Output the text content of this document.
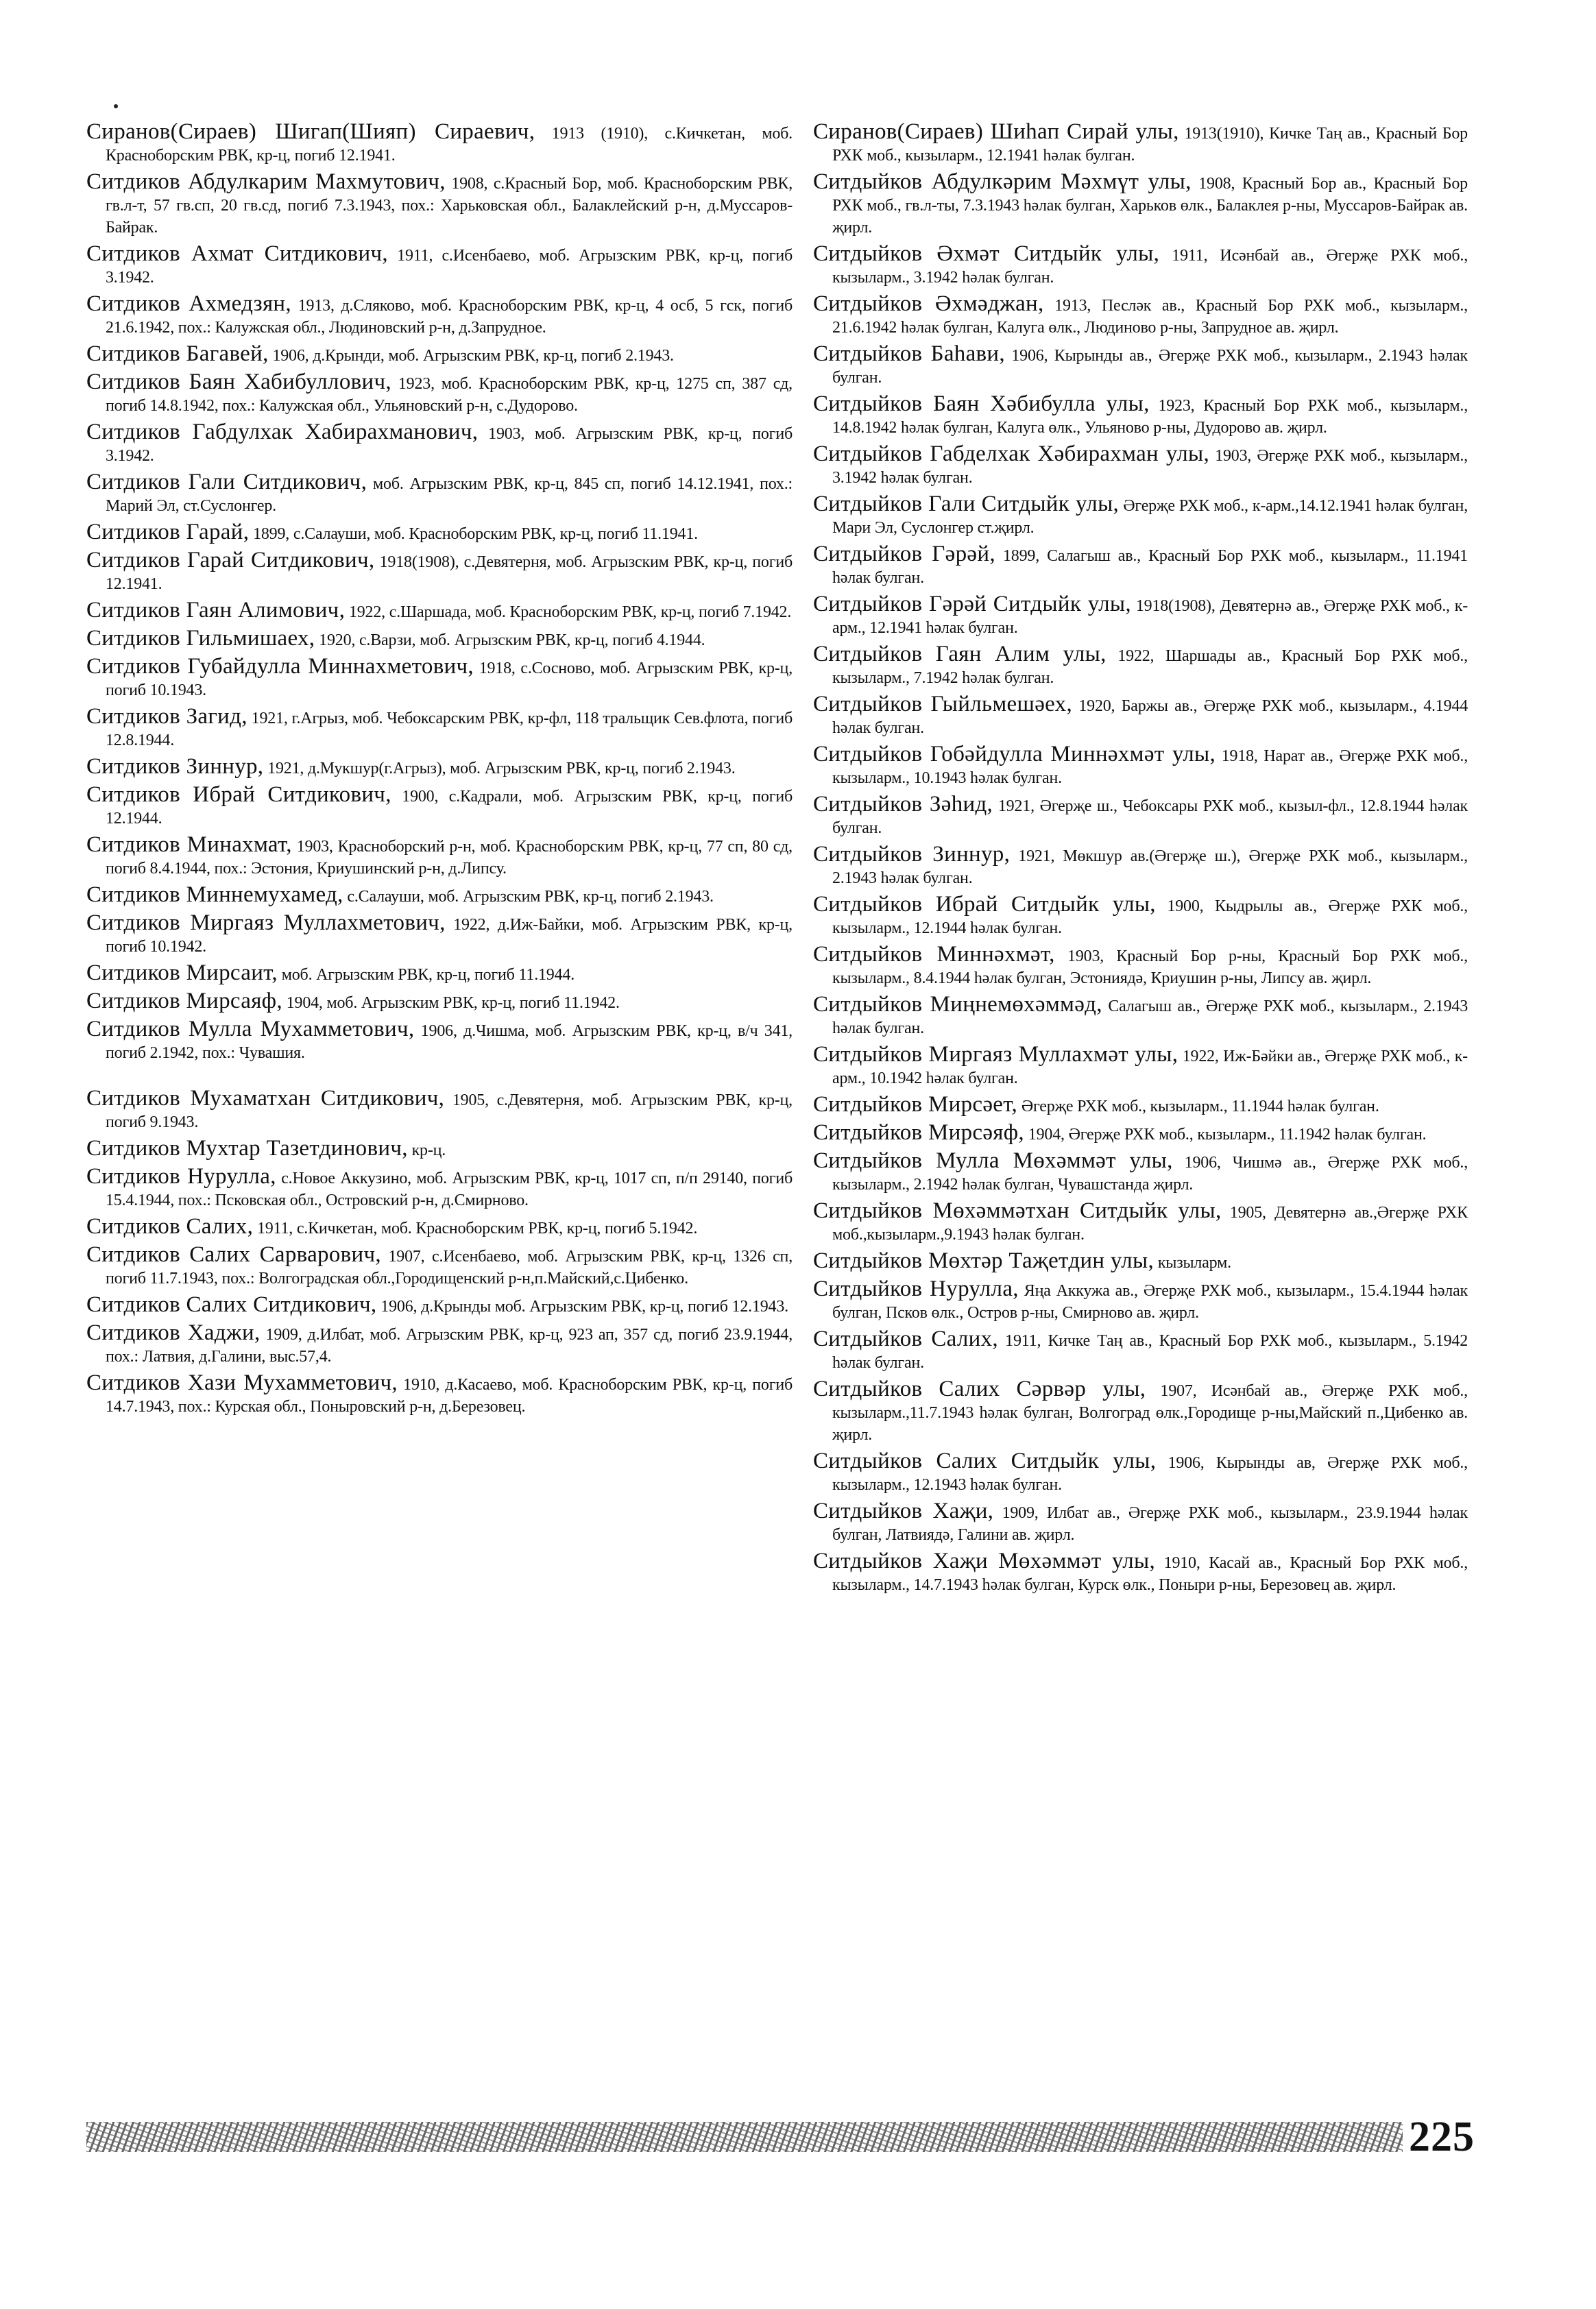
Сиранов(Сираев) Шигап(Шияп) Сираевич, 1913 (1910), с.Кичкетан, моб. Красноборским РВК, кр-ц, погиб 12.1941.

Ситдиков Абдулкарим Махмутович, 1908, с.Красный Бор, моб. Красноборским РВК, гв.л-т, 57 гв.сп, 20 гв.сд, погиб 7.3.1943, пох.: Харьковская обл., Балаклейский р-н, д.Муссаров-Байрак.

Ситдиков Ахмат Ситдикович, 1911, с.Исенбаево, моб. Агрызским РВК, кр-ц, погиб 3.1942.

Ситдиков Ахмедзян, 1913, д.Сляково, моб. Красноборским РВК, кр-ц, 4 осб, 5 гск, погиб 21.6.1942, пох.: Калужская обл., Людиновский р-н, д.Запрудное.

Ситдиков Багавей, 1906, д.Крынди, моб. Агрызским РВК, кр-ц, погиб 2.1943.

Ситдиков Баян Хабибуллович, 1923, моб. Красноборским РВК, кр-ц, 1275 сп, 387 сд, погиб 14.8.1942, пох.: Калужская обл., Ульяновский р-н, с.Дудорово.

Ситдиков Габдулхак Хабирахманович, 1903, моб. Агрызским РВК, кр-ц, погиб 3.1942.

Ситдиков Гали Ситдикович, моб. Агрызским РВК, кр-ц, 845 сп, погиб 14.12.1941, пох.: Марий Эл, ст.Суслонгер.

Ситдиков Гарай, 1899, с.Салауши, моб. Красноборским РВК, кр-ц, погиб 11.1941.

Ситдиков Гарай Ситдикович, 1918(1908), с.Девятерня, моб. Агрызским РВК, кр-ц, погиб 12.1941.

Ситдиков Гаян Алимович, 1922, с.Шаршада, моб. Красноборским РВК, кр-ц, погиб 7.1942.

Ситдиков Гильмишаех, 1920, с.Варзи, моб. Агрызским РВК, кр-ц, погиб 4.1944.

Ситдиков Губайдулла Миннахметович, 1918, с.Сосново, моб. Агрызским РВК, кр-ц, погиб 10.1943.

Ситдиков Загид, 1921, г.Агрыз, моб. Чебоксарским РВК, кр-фл, 118 тральщик Сев.флота, погиб 12.8.1944.

Ситдиков Зиннур, 1921, д.Мукшур(г.Агрыз), моб. Агрызским РВК, кр-ц, погиб 2.1943.

Ситдиков Ибрай Ситдикович, 1900, с.Кадрали, моб. Агрызским РВК, кр-ц, погиб 12.1944.

Ситдиков Минахмат, 1903, Красноборский р-н, моб. Красноборским РВК, кр-ц, 77 сп, 80 сд, погиб 8.4.1944, пох.: Эстония, Криушинский р-н, д.Липсу.

Ситдиков Миннемухамед, с.Салауши, моб. Агрызским РВК, кр-ц, погиб 2.1943.

Ситдиков Миргаяз Муллахметович, 1922, д.Иж-Байки, моб. Агрызским РВК, кр-ц, погиб 10.1942.

Ситдиков Мирсаит, моб. Агрызским РВК, кр-ц, погиб 11.1944.

Ситдиков Мирсаяф, 1904, моб. Агрызским РВК, кр-ц, погиб 11.1942.

Ситдиков Мулла Мухамметович, 1906, д.Чишма, моб. Агрызским РВК, кр-ц, в/ч 341, погиб 2.1942, пох.: Чувашия.

Ситдиков Мухаматхан Ситдикович, 1905, с.Девятерня, моб. Агрызским РВК, кр-ц, погиб 9.1943.

Ситдиков Мухтар Тазетдинович, кр-ц.

Ситдиков Нурулла, с.Новое Аккузино, моб. Агрызским РВК, кр-ц, 1017 сп, п/п 29140, погиб 15.4.1944, пох.: Псковская обл., Островский р-н, д.Смирново.

Ситдиков Салих, 1911, с.Кичкетан, моб. Красноборским РВК, кр-ц, погиб 5.1942.

Ситдиков Салих Сарварович, 1907, с.Исенбаево, моб. Агрызским РВК, кр-ц, 1326 сп, погиб 11.7.1943, пох.: Волгоградская обл.,Городищенский р-н,п.Майский,с.Цибенко.

Ситдиков Салих Ситдикович, 1906, д.Крынды моб. Агрызским РВК, кр-ц, погиб 12.1943.

Ситдиков Хаджи, 1909, д.Илбат, моб. Агрызским РВК, кр-ц, 923 ап, 357 сд, погиб 23.9.1944, пох.: Латвия, д.Галини, выс.57,4.

Ситдиков Хази Мухамметович, 1910, д.Касаево, моб. Красноборским РВК, кр-ц, погиб 14.7.1943, пох.: Курская обл., Поныровский р-н, д.Березовец.

Сиранов(Сираев) Шиһап Сирай улы, 1913(1910), Кичке Таң ав., Красный Бор РХК моб., кызыларм., 12.1941 һәлак булган.

Ситдыйков Абдулкәрим Мәхмүт улы, 1908, Красный Бор ав., Красный Бор РХК моб., гв.л-ты, 7.3.1943 һәлак булган, Харьков өлк., Балаклея р-ны, Муссаров-Байрак ав. җирл.

Ситдыйков Әхмәт Ситдыйк улы, 1911, Исәнбай ав., Әгерҗе РХК моб., кызыларм., 3.1942 һәлак булган.

Ситдыйков Әхмәджан, 1913, Песләк ав., Красный Бор РХК моб., кызыларм., 21.6.1942 һәлак булган, Калуга өлк., Людиново р-ны, Запрудное ав. җирл.

Ситдыйков Баһави, 1906, Кырынды ав., Әгерҗе РХК моб., кызыларм., 2.1943 һәлак булган.

Ситдыйков Баян Хәбибулла улы, 1923, Красный Бор РХК моб., кызыларм., 14.8.1942 һәлак булган, Калуга өлк., Ульяново р-ны, Дудорово ав. җирл.

Ситдыйков Габделхак Хәбирахман улы, 1903, Әгерҗе РХК моб., кызыларм., 3.1942 һәлак булган.

Ситдыйков Гали Ситдыйк улы, Әгерҗе РХК моб., к-арм.,14.12.1941 һәлак булган, Мари Эл, Суслонгер ст.җирл.

Ситдыйков Гәрәй, 1899, Салагыш ав., Красный Бор РХК моб., кызыларм., 11.1941 һәлак булган.

Ситдыйков Гәрәй Ситдыйк улы, 1918(1908), Девятернә ав., Әгерҗе РХК моб., к-арм., 12.1941 һәлак булган.

Ситдыйков Гаян Алим улы, 1922, Шаршады ав., Красный Бор РХК моб., кызыларм., 7.1942 һәлак булган.

Ситдыйков Гыйльмешәех, 1920, Баржы ав., Әгерҗе РХК моб., кызыларм., 4.1944 һәлак булган.

Ситдыйков Гобәйдулла Миннәхмәт улы, 1918, Нарат ав., Әгерҗе РХК моб., кызыларм., 10.1943 һәлак булган.

Ситдыйков Зәһид, 1921, Әгерҗе ш., Чебоксары РХК моб., кызыл-фл., 12.8.1944 һәлак булган.

Ситдыйков Зиннур, 1921, Мөкшур ав.(Әгерҗе ш.), Әгерҗе РХК моб., кызыларм., 2.1943 һәлак булган.

Ситдыйков Ибрай Ситдыйк улы, 1900, Кыдрылы ав., Әгерҗе РХК моб., кызыларм., 12.1944 һәлак булган.

Ситдыйков Миннәхмәт, 1903, Красный Бор р-ны, Красный Бор РХК моб., кызыларм., 8.4.1944 һәлак булган, Эстониядә, Криушин р-ны, Липсу ав. җирл.

Ситдыйков Миңнемөхәммәд, Салагыш ав., Әгерҗе РХК моб., кызыларм., 2.1943 һәлак булган.

Ситдыйков Миргаяз Муллахмәт улы, 1922, Иж-Бәйки ав., Әгерҗе РХК моб., к-арм., 10.1942 һәлак булган.

Ситдыйков Мирсәет, Әгерҗе РХК моб., кызыларм., 11.1944 һәлак булган.

Ситдыйков Мирсәяф, 1904, Әгерҗе РХК моб., кызыларм., 11.1942 һәлак булган.

Ситдыйков Мулла Мөхәммәт улы, 1906, Чишмә ав., Әгерҗе РХК моб., кызыларм., 2.1942 һәлак булган, Чувашстанда җирл.

Ситдыйков Мөхәммәтхан Ситдыйк улы, 1905, Девятернә ав.,Әгерҗе РХК моб.,кызыларм.,9.1943 һәлак булган.

Ситдыйков Мөхтәр Таҗетдин улы, кызыларм.

Ситдыйков Нурулла, Яңа Аккужа ав., Әгерҗе РХК моб., кызыларм., 15.4.1944 һәлак булган, Псков өлк., Остров р-ны, Смирново ав. җирл.

Ситдыйков Салих, 1911, Кичке Таң ав., Красный Бор РХК моб., кызыларм., 5.1942 һәлак булган.

Ситдыйков Салих Сәрвәр улы, 1907, Исәнбай ав., Әгерҗе РХК моб., кызыларм.,11.7.1943 һәлак булган, Волгоград өлк.,Городище р-ны,Майский п.,Цибенко ав. җирл.

Ситдыйков Салих Ситдыйк улы, 1906, Кырынды ав, Әгерҗе РХК моб., кызыларм., 12.1943 һәлак булган.

Ситдыйков Хаҗи, 1909, Илбат ав., Әгерҗе РХК моб., кызыларм., 23.9.1944 һәлак булган, Латвиядә, Галини ав. җирл.

Ситдыйков Хаҗи Мөхәммәт улы, 1910, Касай ав., Красный Бор РХК моб., кызыларм., 14.7.1943 һәлак булган, Курск өлк., Поныри р-ны, Березовец ав. җирл.

225
